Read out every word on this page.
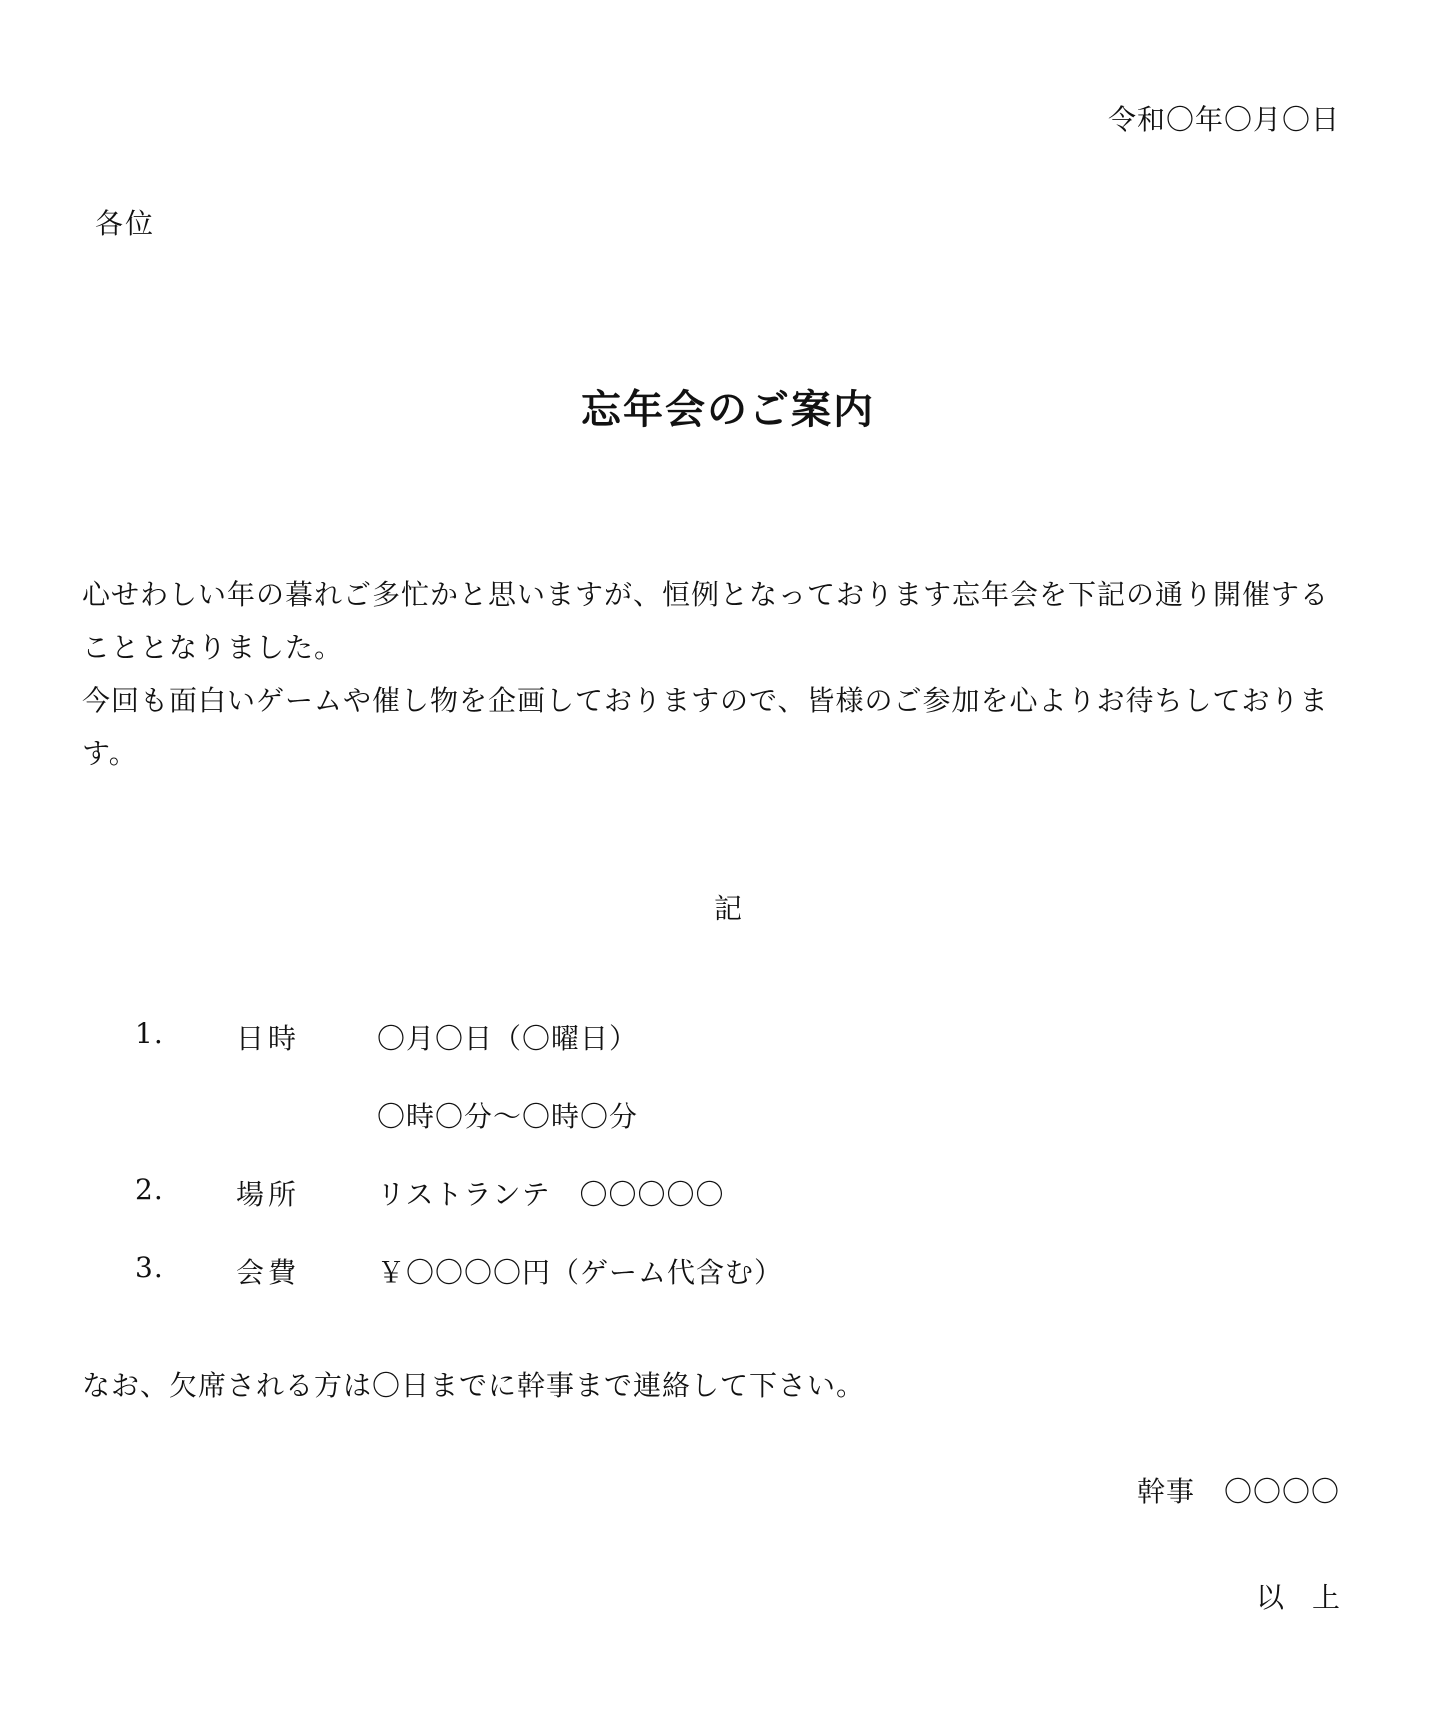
令和〇年〇月〇日
各位
忘年会のご案内

心せわしい年の暮れご多忙かと思いますが、恒例となっております忘年会を下記の通り開催することとなりました。

今回も面白いゲームや催し物を企画しておりますので、皆様のご参加を心よりお待ちしております。

記
1.	日時	〇月〇日（〇曜日）
〇時〇分～〇時〇分
2.	場所	リストランテ　〇〇〇〇〇
3.	会費	￥〇〇〇〇円（ゲーム代含む）
なお、欠席される方は〇日までに幹事まで連絡して下さい。
幹事　〇〇〇〇
以　上
